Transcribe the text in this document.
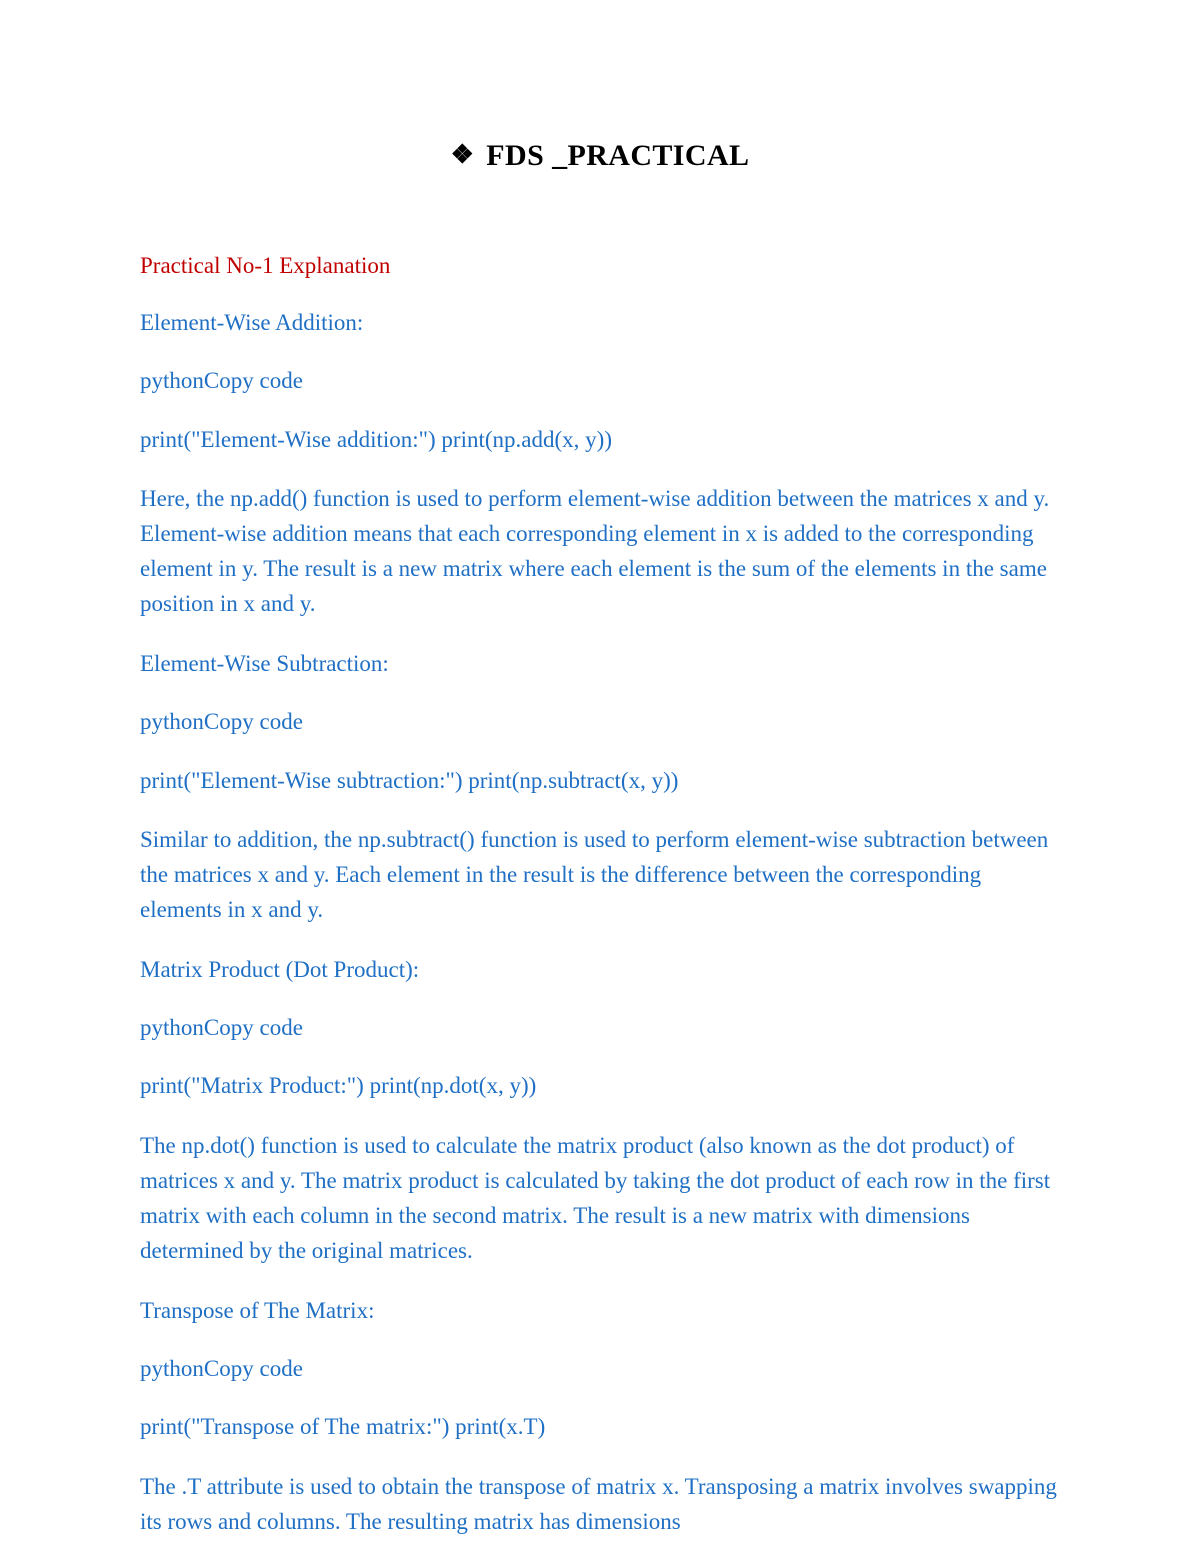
❖ FDS _PRACTICAL
Practical No-1 Explanation

Element-Wise Addition:

pythonCopy code

print("Element-Wise addition:") print(np.add(x, y))

Here, the np.add() function is used to perform element-wise addition between the matrices x and y. Element-wise addition means that each corresponding element in x is added to the corresponding element in y. The result is a new matrix where each element is the sum of the elements in the same position in x and y.

Element-Wise Subtraction:

pythonCopy code

print("Element-Wise subtraction:") print(np.subtract(x, y))

Similar to addition, the np.subtract() function is used to perform element-wise subtraction between the matrices x and y. Each element in the result is the difference between the corresponding elements in x and y.

Matrix Product (Dot Product):

pythonCopy code

print("Matrix Product:") print(np.dot(x, y))

The np.dot() function is used to calculate the matrix product (also known as the dot product) of matrices x and y. The matrix product is calculated by taking the dot product of each row in the first matrix with each column in the second matrix. The result is a new matrix with dimensions determined by the original matrices.

Transpose of The Matrix:

pythonCopy code

print("Transpose of The matrix:") print(x.T)

The .T attribute is used to obtain the transpose of matrix x. Transposing a matrix involves swapping its rows and columns. The resulting matrix has dimensions
